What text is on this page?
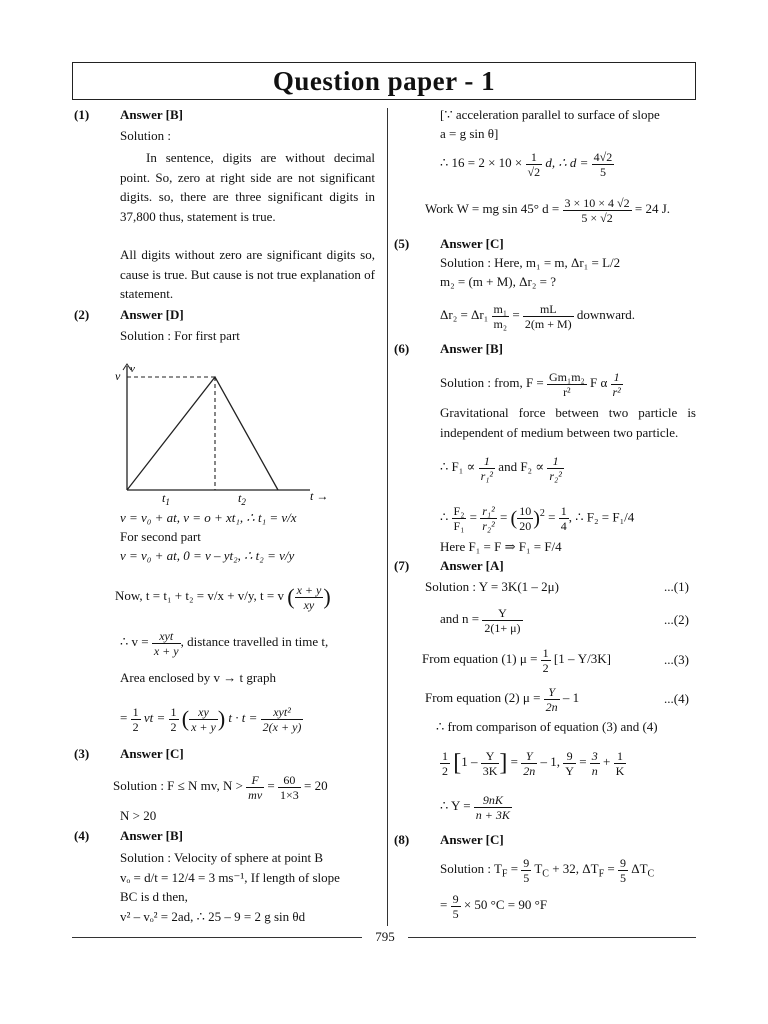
Question paper - 1
(1) Answer [B]
Solution :
In sentence, digits are without decimal point. So, zero at right side are not significant digits. so, there are three significant digits in 37,800 thus, statement is true.
All digits without zero are significant digits so, cause is true. But cause is not true explanation of statement.
(2) Answer [D]
Solution : For first part
v
v
$t_1$	$t_2$	t →
v = v₀ + at, v = o + xt₁, ∴ t₁ = v/x
For second part
v = v₀ + at, 0 = v – yt₂, ∴ t₂ = v/y
Now, t = t₁ + t₂ = v/x + v/y, t = v ( $\frac{x + y}{xy}$ )
∴ $v = \frac{\text{xyt}}{x + y}$ , distance travelled in time t,
Area enclosed by v → t graph
= $\frac{1}{2}$ vt = $\frac{1}{2}$ ( $\frac{xy}{x + y}$ ) $t \cdot t = \frac{\text{xyt²}}{2(x + y)}$
(3) Answer [C]
Solution : F ≤ N mv, $N > \frac{F}{mv} = \frac{60}{1\times 3} = 20$
N > 20
(4) Answer [B]
Solution : Velocity of sphere at point B
vₒ = d/t = 12/4 = 3 ms⁻¹, If length of slope
BC is d then,
v² – vₒ² = 2ad, ∴ 25 – 9 = 2 g sin θd
[∵ acceleration parallel to surface of slope
a = g sin θ]
∴ $16 = 2 \times 10 \times \frac{1}{√2} d$, ∴ $d = \frac{4√2}{5}$
Work W = mg sin 45° $d = \frac{3 \times 10 \times 4 √2}{5 \times √2} = 24$ J.
(5) Answer [C]
Solution : Here, m₁ = m, Δr₁ = L/2
m₂ = (m + M), Δr₂ = ?
$\Delta r_2 = \Delta r_1 \frac{\text{m₁}}{\text{m₂}} = \frac{mL}{2(m + M)}$ downward.
(6) Answer [B]
Solution : from, $F = \frac{\text{Gm₁m₂}}{\text{r²}}$ F α $\frac{1}{\text{r²}}$
Gravitational force between two particle is independent of medium between two particle.
∴ $F_1 \propto \frac{1}{\text{r₁²}}$ and $F_2 \propto \frac{1}{\text{r₂²}}$
∴ $\frac{\text{F₂}}{\text{F₁}} = \frac{\text{r₁²}}{\text{r₂²}}$ = ( $\frac{10}{20} )^2 = \frac{1}{4}$ , ∴ F₂ = F₁/4
Here F₁ = F ⇒ F₁ = F/4
(7) Answer [A]
Solution : Y = 3K(1 – 2μ)	...(1)
and $n = \frac{Y}{2(1+ \mu)}$	...(2)
From equation (1) $\mu = \frac{1}{2} [1 - Y/3K]$	...(3)
From equation (2) $\mu = \frac{Y}{2n} - 1$	...(4)
∴ from comparison of equation (3) and (4)
$\frac{1}{2} [1 - \frac{Y}{3K}$ ] = $\frac{Y}{2n} - 1$, $\frac{9}{Y} = \frac{3}{n} + \frac{1}{K}$
∴ $Y = \frac{9nK}{n + 3K}$
(8) Answer [C]
Solution : $T_F = \frac{9}{5} T_C + 32$, $\Delta T_F = \frac{9}{5} \Delta T_C$
= $\frac{9}{5} \times 50$ °C = 90 °F
795
